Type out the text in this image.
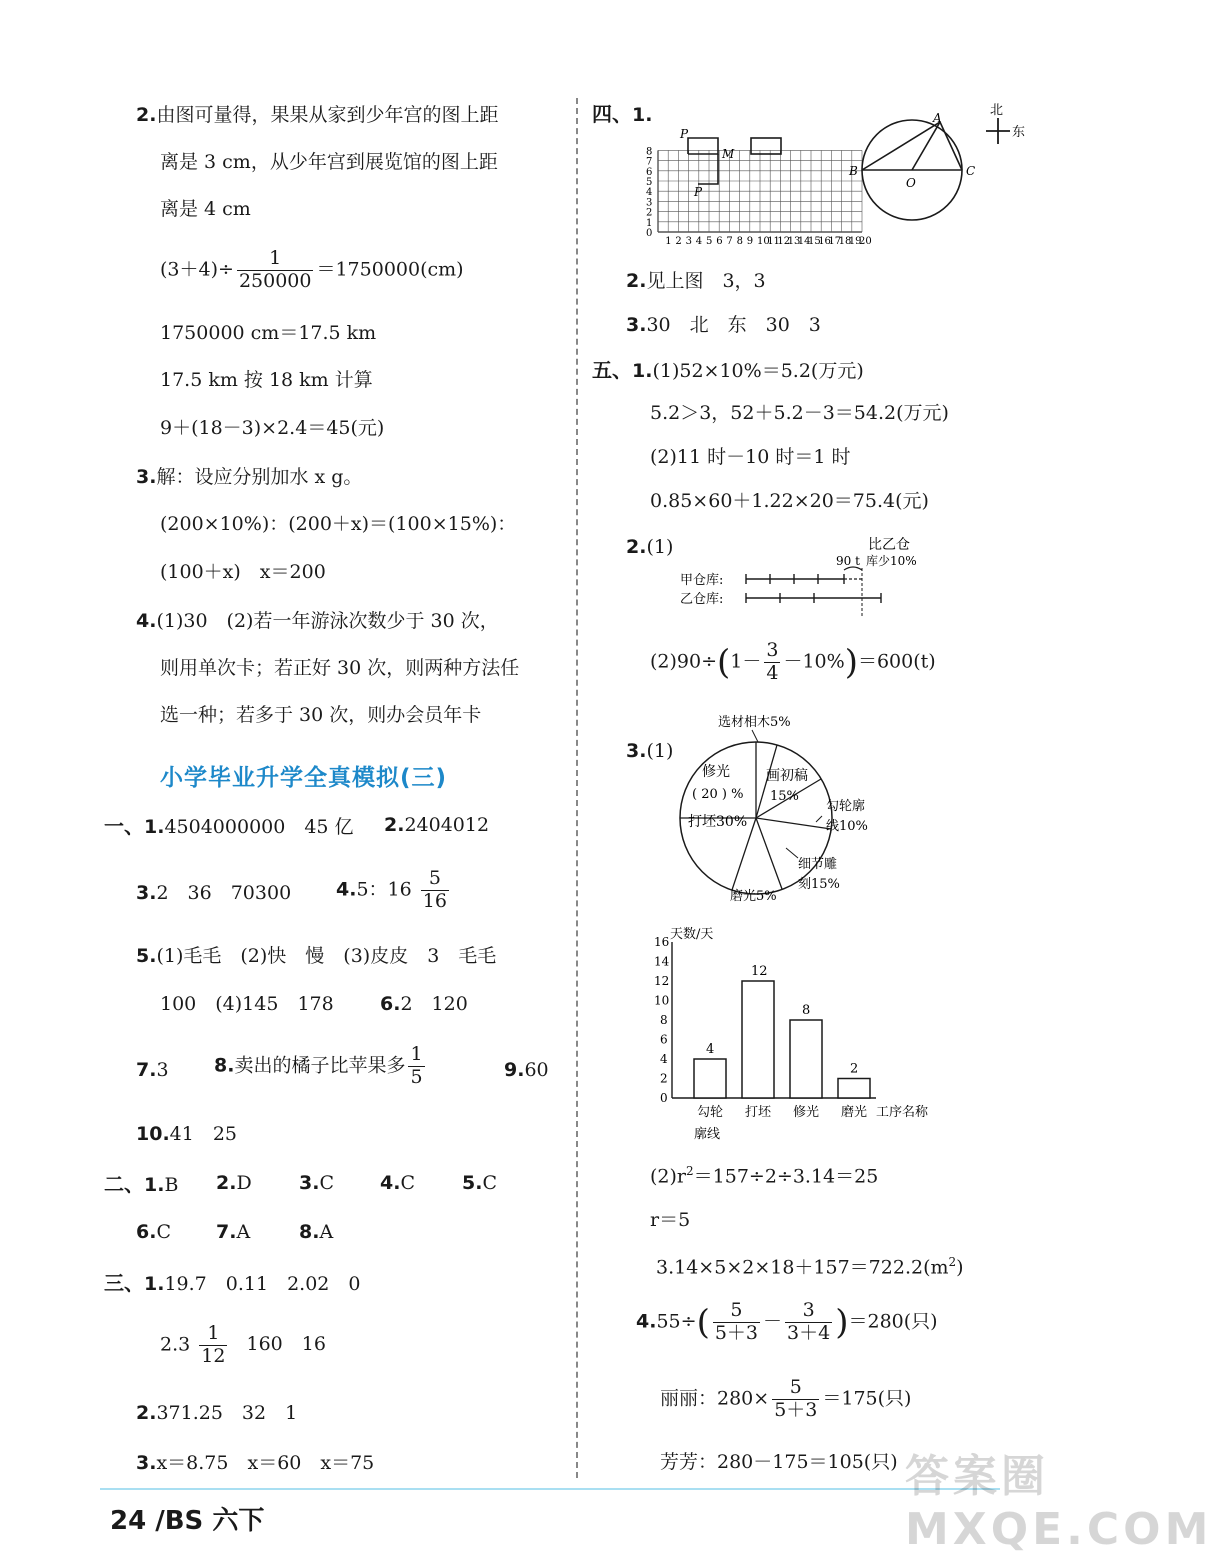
2.由图可量得，果果从家到少年宫的图上距
离是 3 cm，从少年宫到展览馆的图上距
离是 4 cm
$(3+4)\div \frac{1}{250000} =1750000(cm)$
1750000 cm＝17.5 km
17.5 km 按 18 km 计算
9＋(18－3)×2.4＝45(元)
3.解：设应分别加水 x g。
(200×10%)：(200＋x)＝(100×15%)：
(100＋x)　x＝200
4.(1)30　(2)若一年游泳次数少于 30 次，
则用单次卡；若正好 30 次，则两种方法任
选一种；若多于 30 次，则办会员年卡
小学毕业升学全真模拟(三)
一、1.4504000000　45 亿 2.2404012
3.2　36　70300 4.5：$16 \frac{5}{16}$
5.(1)毛毛　(2)快　慢　(3)皮皮　3　毛毛
100　(4)145　178 6.2　120
7.3 8.卖出的橘子比苹果多 $\frac{1}{5}$	9.60
10.41　25
二、1.B 2.D 3.C 4.C 5.C
6.C 7.A	8.A
三、1.19.7　0.11　2.02　0
$2.3 \frac{1}{12} 160$　16
2.371.25　32　1
3.x＝8.75　x＝60　x＝75
四、1.
0
1 2 3 4 5 6 7 8 9 10
11
12
13
14
15
16
17
18
19
20
1
2
3
4
5
6
7
8
P
M
P
A
B
O
C
北
东
2.见上图　3，3
3.30　北　东　30　3
五、1.(1)52×10%＝5.2(万元)
5.2＞3，52＋5.2－3＝54.2(万元)
(2)11 时－10 时＝1 时
0.85×60＋1.22×20＝75.4(元)
2.(1)	比乙仓
90 t 库少10%
甲仓库:
乙仓库:
$(2)90\div(1- \frac{3}{4} -10\%)=600(t)$
3.(1)
选材相木5%
修光
( 20 ) %
画初稿
15%
勾轮廓
线10%
打坯30%
细节雕
刻15%
磨光5%
天数/天
工序名称
廓线
0
2
4
6
8
10
12
14
16
4
勾轮
12
打坯
8
修光
2
磨光
$(2)r^2=157\div 2\div 3.14=25$
r＝5
$3.14\times 5\times 2\times 18+157=722.2(m^2)$
$4.55\div( \frac{5}{5+3} - \frac{3}{3+4} )=280$(只)
丽丽：$280\times \frac{5}{5+3} =175$(只)
芳芳：280－175＝105(只)
24 /BS 六下
答案圈 MXQE.COM
